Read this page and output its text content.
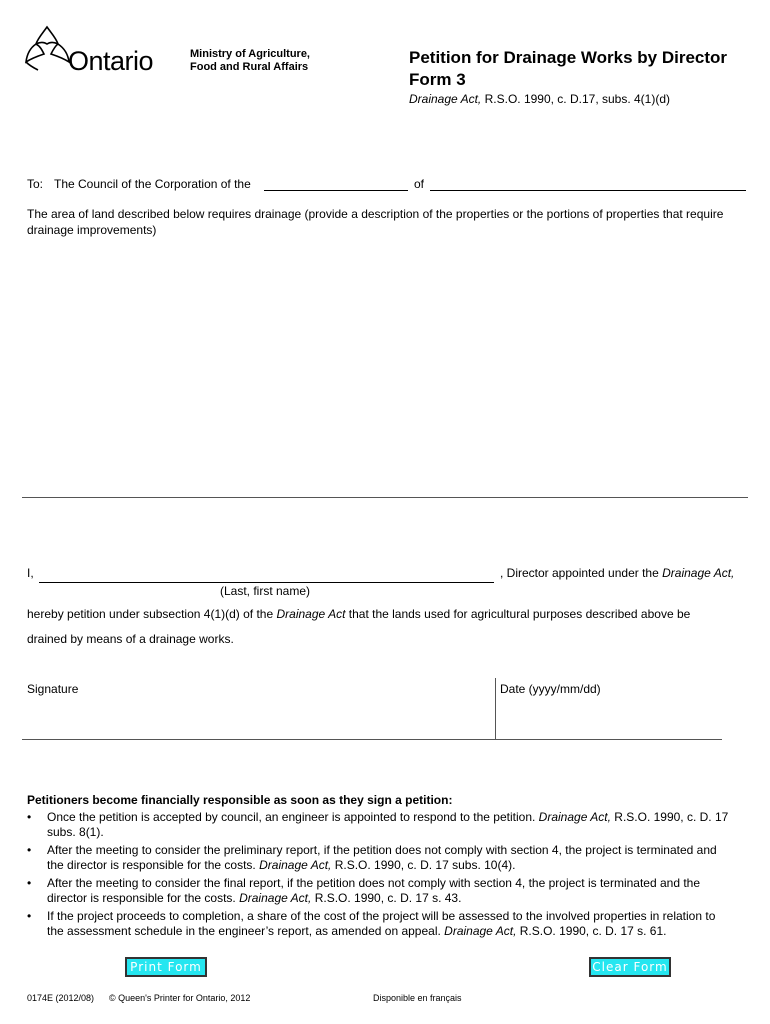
Ontario	Ministry of Agriculture,
Food and Rural Affairs	Petition for Drainage Works by Director
Form 3
Drainage Act, R.S.O. 1990, c. D.17, subs. 4(1)(d)
To: The Council of the Corporation of the	of
The area of land described below requires drainage (provide a description of the properties or the portions of properties that require drainage improvements)
I,	, Director appointed under the Drainage Act,
(Last, first name)
hereby petition under subsection 4(1)(d) of the Drainage Act that the lands used for agricultural purposes described above be
drained by means of a drainage works.
Signature	Date (yyyy/mm/dd)
Petitioners become financially responsible as soon as they sign a petition:
• Once the petition is accepted by council, an engineer is appointed to respond to the petition. Drainage Act, R.S.O. 1990, c. D. 17 subs. 8(1).
• After the meeting to consider the preliminary report, if the petition does not comply with section 4, the project is terminated and the director is responsible for the costs. Drainage Act, R.S.O. 1990, c. D. 17 subs. 10(4).
• After the meeting to consider the final report, if the petition does not comply with section 4, the project is terminated and the director is responsible for the costs. Drainage Act, R.S.O. 1990, c. D. 17 s. 43.
• If the project proceeds to completion, a share of the cost of the project will be assessed to the involved properties in relation to the assessment schedule in the engineer’s report, as amended on appeal. Drainage Act, R.S.O. 1990, c. D. 17 s. 61.
Print Form	Clear Form
0174E (2012/08) © Queen's Printer for Ontario, 2012	Disponible en français
